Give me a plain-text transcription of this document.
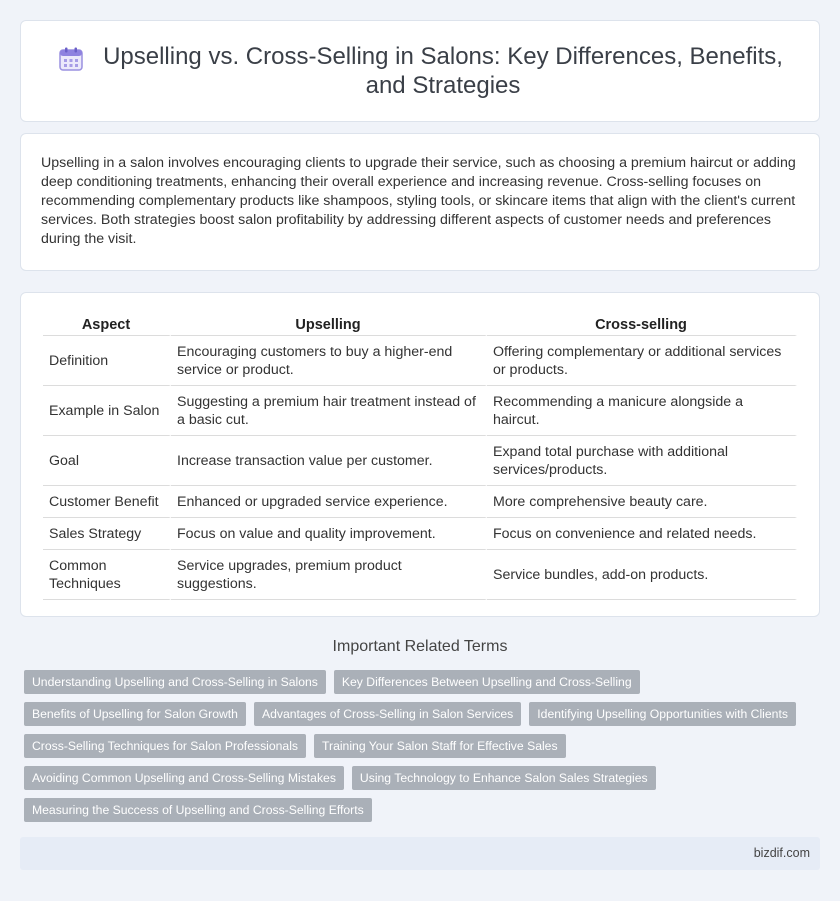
Upselling vs. Cross-Selling in Salons: Key Differences, Benefits, and Strategies

Upselling in a salon involves encouraging clients to upgrade their service, such as choosing a premium haircut or adding deep conditioning treatments, enhancing their overall experience and increasing revenue. Cross-selling focuses on recommending complementary products like shampoos, styling tools, or skincare items that align with the client's current services. Both strategies boost salon profitability by addressing different aspects of customer needs and preferences during the visit.

Aspect	Upselling	Cross-selling
Definition	Encouraging customers to buy a higher-end service or product.	Offering complementary or additional services or products.
Example in Salon	Suggesting a premium hair treatment instead of a basic cut.	Recommending a manicure alongside a haircut.
Goal	Increase transaction value per customer.	Expand total purchase with additional services/products.
Customer Benefit	Enhanced or upgraded service experience.	More comprehensive beauty care.
Sales Strategy	Focus on value and quality improvement.	Focus on convenience and related needs.
Common Techniques	Service upgrades, premium product suggestions.	Service bundles, add-on products.
Important Related Terms
Understanding Upselling and Cross-Selling in Salons	Key Differences Between Upselling and Cross-Selling
Benefits of Upselling for Salon Growth	Advantages of Cross-Selling in Salon Services	Identifying Upselling Opportunities with Clients
Cross-Selling Techniques for Salon Professionals	Training Your Salon Staff for Effective Sales
Avoiding Common Upselling and Cross-Selling Mistakes	Using Technology to Enhance Salon Sales Strategies
Measuring the Success of Upselling and Cross-Selling Efforts
bizdif.com
